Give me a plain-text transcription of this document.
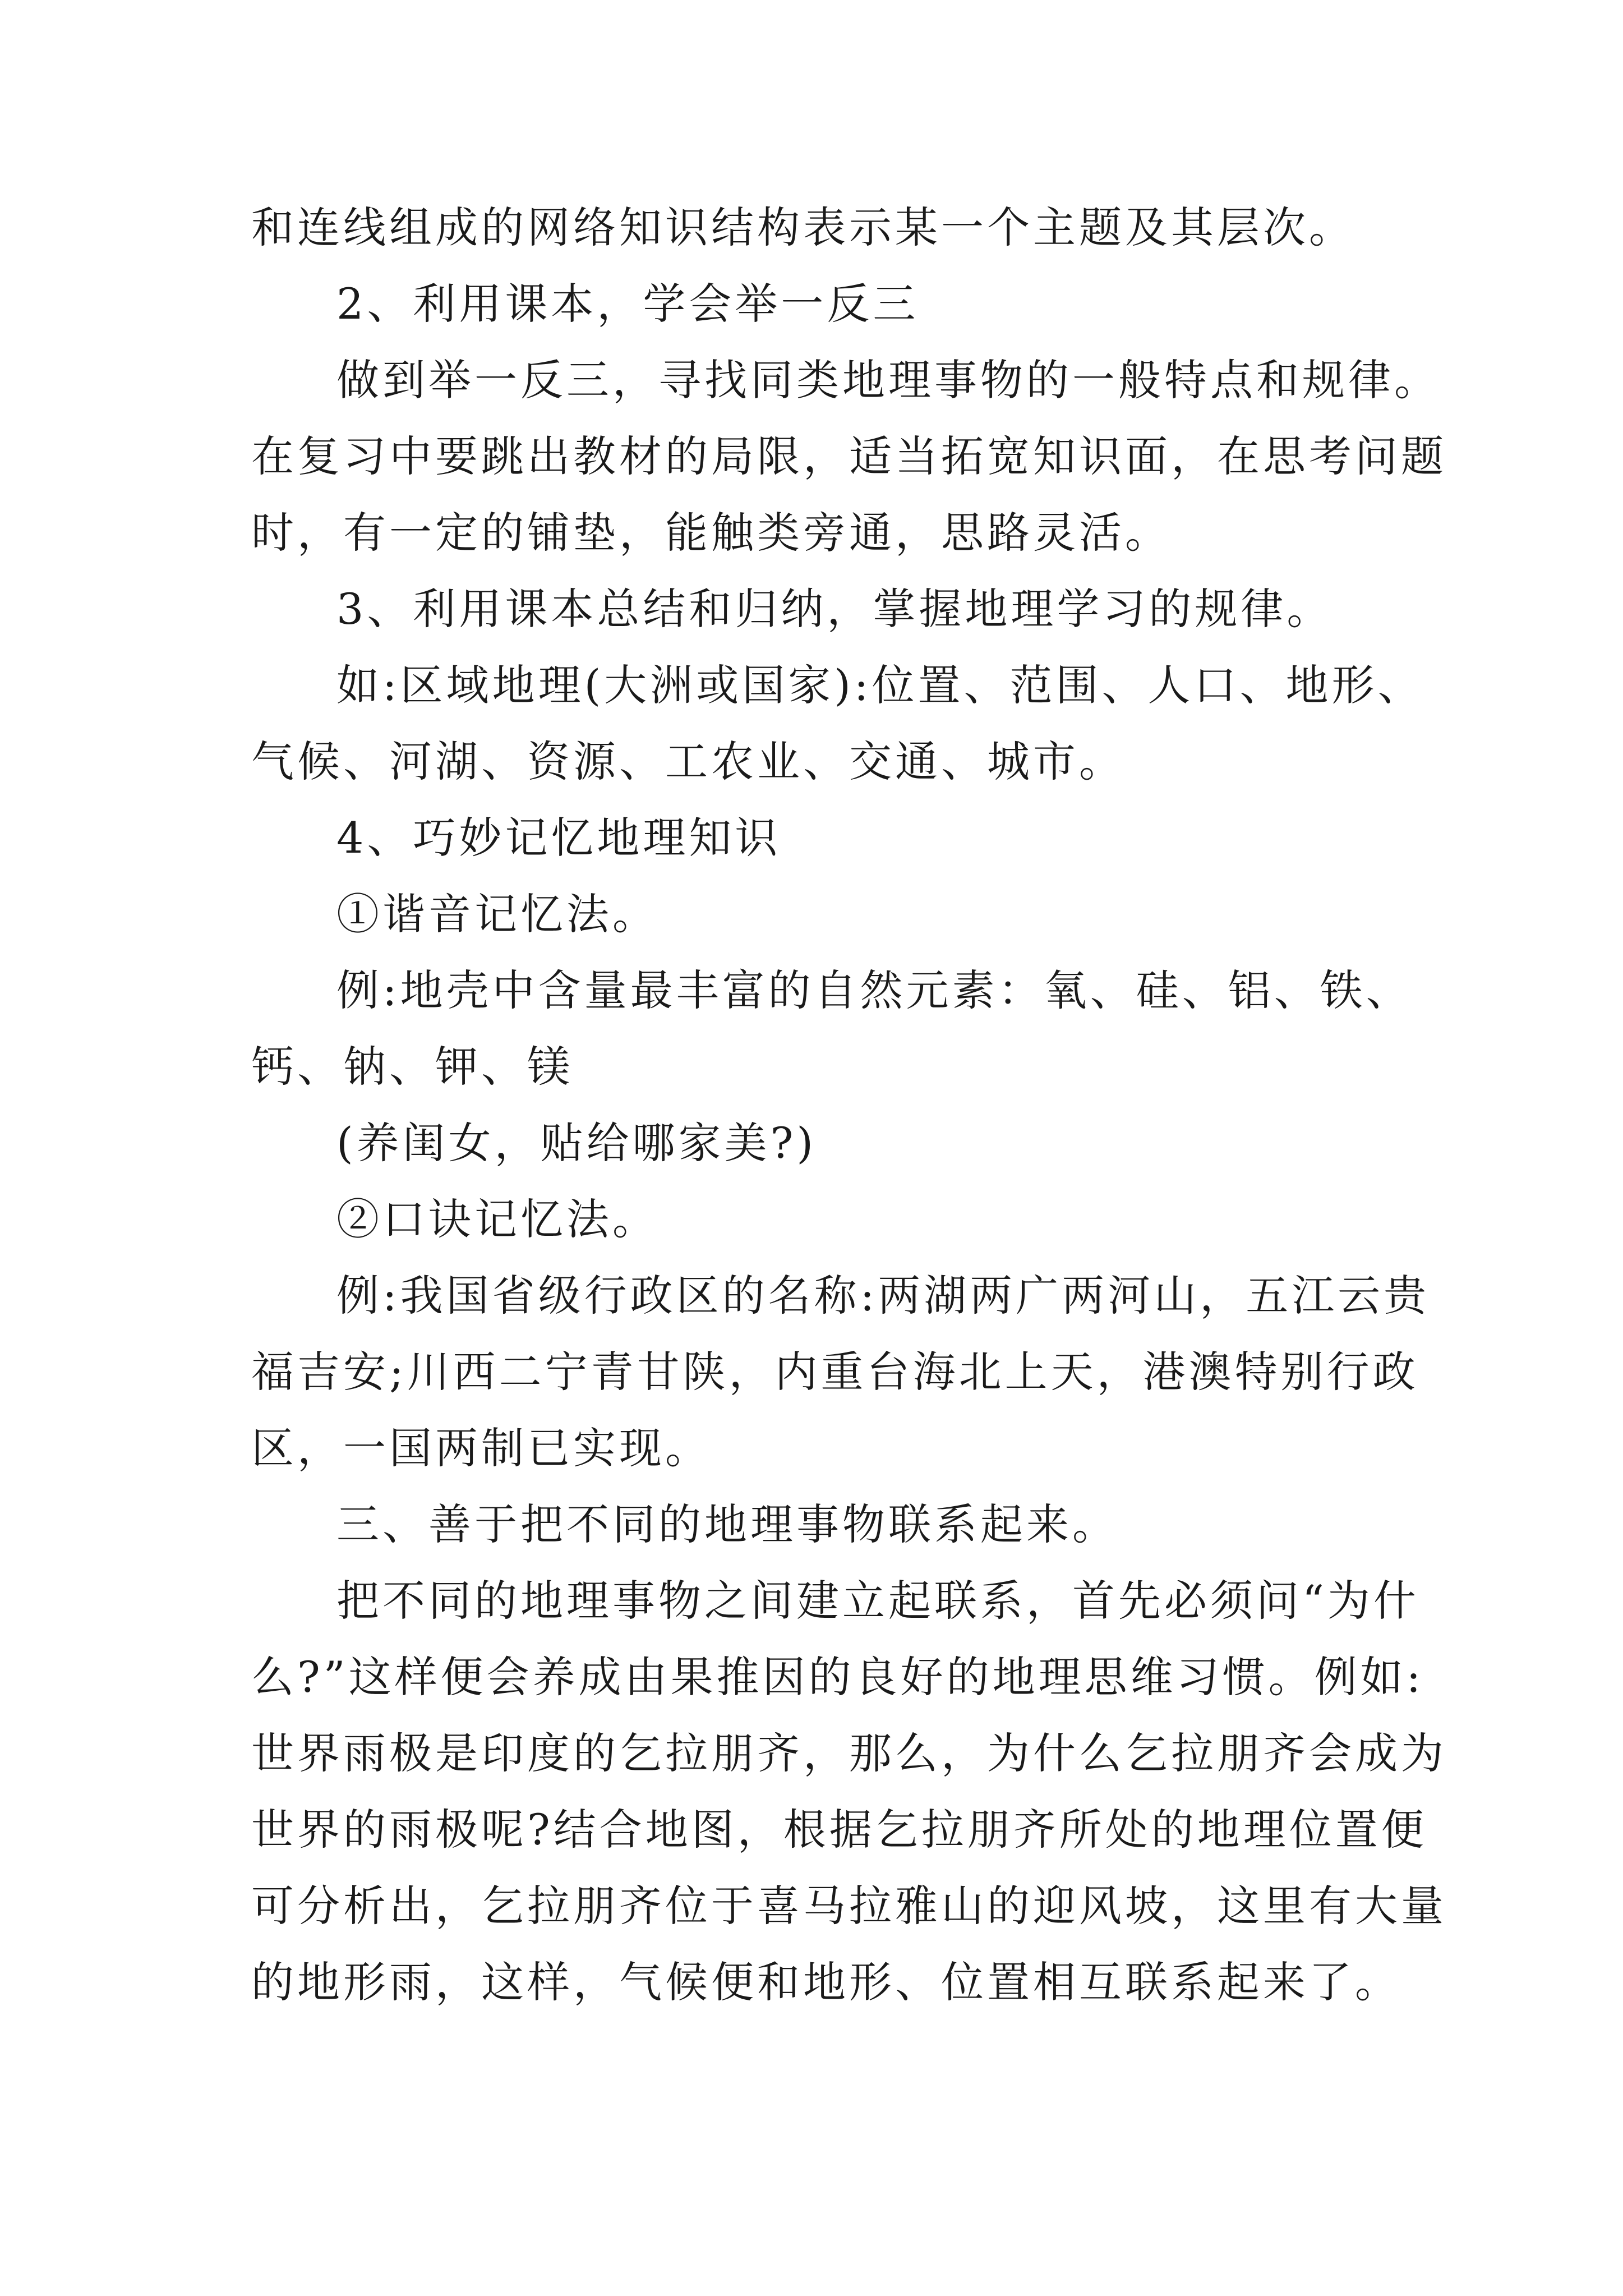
和连线组成的网络知识结构表示某一个主题及其层次。
2、利用课本，学会举一反三
做到举一反三，寻找同类地理事物的一般特点和规律。
在复习中要跳出教材的局限，适当拓宽知识面，在思考问题
时，有一定的铺垫，能触类旁通，思路灵活。
3、利用课本总结和归纳，掌握地理学习的规律。
如:区域地理(大洲或国家):位置、范围、人口、地形、
气候、河湖、资源、工农业、交通、城市。
4、巧妙记忆地理知识
①谐音记忆法。
例:地壳中含量最丰富的自然元素：氧、硅、铝、铁、
钙、钠、钾、镁
(养闺女，贴给哪家美?)
②口诀记忆法。
例:我国省级行政区的名称:两湖两广两河山，五江云贵
福吉安;川西二宁青甘陕，内重台海北上天，港澳特别行政
区，一国两制已实现。
三、善于把不同的地理事物联系起来。
把不同的地理事物之间建立起联系，首先必须问“为什
么?”这样便会养成由果推因的良好的地理思维习惯。例如:
世界雨极是印度的乞拉朋齐，那么，为什么乞拉朋齐会成为
世界的雨极呢?结合地图，根据乞拉朋齐所处的地理位置便
可分析出，乞拉朋齐位于喜马拉雅山的迎风坡，这里有大量
的地形雨，这样，气候便和地形、位置相互联系起来了。
